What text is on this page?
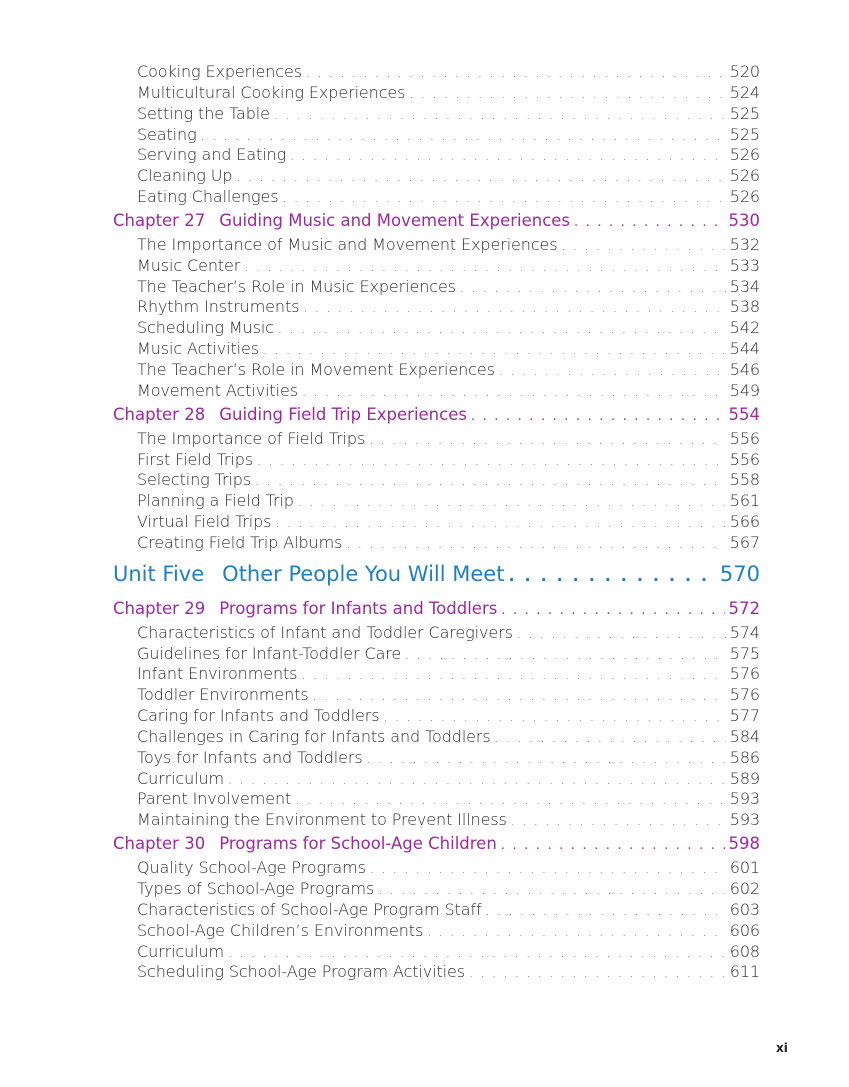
Cooking Experiences . . .	520
Multicultural Cooking Experiences . . .	524
Setting the Table . . .	525
Seating . . .	525
Serving and Eating . . .	526
Cleaning Up . . .	526
Eating Challenges . . .	526
Chapter 27 Guiding Music and Movement Experiences . . .	530
The Importance of Music and Movement Experiences . . .	532
Music Center . . .	533
The Teacher’s Role in Music Experiences . . .	534
Rhythm Instruments . . .	538
Scheduling Music . . .	542
Music Activities . . .	544
The Teacher’s Role in Movement Experiences . . .	546
Movement Activities . . .	549
Chapter 28 Guiding Field Trip Experiences . . .	554
The Importance of Field Trips . . .	556
First Field Trips . . .	556
Selecting Trips . . .	558
Planning a Field Trip . . .	561
Virtual Field Trips . . .	566
Creating Field Trip Albums . . .	567
Unit Five Other People You Will Meet . . .	570
Chapter 29 Programs for Infants and Toddlers . . .	572
Characteristics of Infant and Toddler Caregivers . . .	574
Guidelines for Infant-Toddler Care . . .	575
Infant Environments . . .	576
Toddler Environments . . .	576
Caring for Infants and Toddlers . . .	577
Challenges in Caring for Infants and Toddlers . . .	584
Toys for Infants and Toddlers . . .	586
Curriculum . . .	589
Parent Involvement . . .	593
Maintaining the Environment to Prevent Illness . . .	593
Chapter 30 Programs for School-Age Children . . .	598
Quality School-Age Programs . . .	601
Types of School-Age Programs . . .	602
Characteristics of School-Age Program Staff . . .	603
School-Age Children’s Environments . . .	606
Curriculum . . .	608
Scheduling School-Age Program Activities . . .	611
xi
